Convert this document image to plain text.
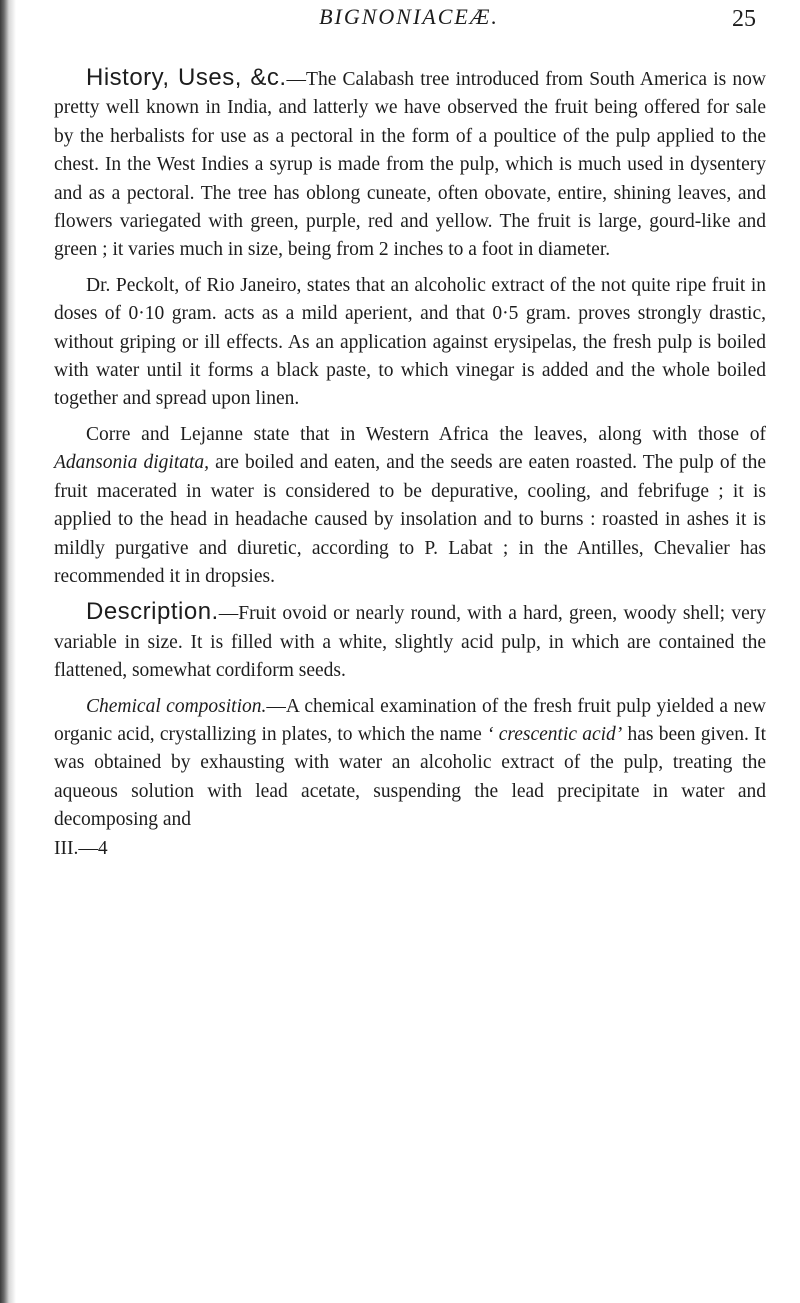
BIGNONIACEÆ.	25

History, Uses, &c.—The Calabash tree introduced from South America is now pretty well known in India, and latterly we have observed the fruit being offered for sale by the herbalists for use as a pectoral in the form of a poultice of the pulp applied to the chest. In the West Indies a syrup is made from the pulp, which is much used in dysentery and as a pectoral. The tree has oblong cuneate, often obovate, entire, shining leaves, and flowers variegated with green, purple, red and yellow. The fruit is large, gourd-like and green ; it varies much in size, being from 2 inches to a foot in diameter.

Dr. Peckolt, of Rio Janeiro, states that an alcoholic extract of the not quite ripe fruit in doses of 0·10 gram. acts as a mild aperient, and that 0·5 gram. proves strongly drastic, without griping or ill effects. As an application against erysipelas, the fresh pulp is boiled with water until it forms a black paste, to which vinegar is added and the whole boiled together and spread upon linen.

Corre and Lejanne state that in Western Africa the leaves, along with those of Adansonia digitata, are boiled and eaten, and the seeds are eaten roasted. The pulp of the fruit macerated in water is considered to be depurative, cooling, and febrifuge ; it is applied to the head in headache caused by insolation and to burns : roasted in ashes it is mildly purgative and diuretic, according to P. Labat ; in the Antilles, Chevalier has recommended it in dropsies.

Description.—Fruit ovoid or nearly round, with a hard, green, woody shell; very variable in size. It is filled with a white, slightly acid pulp, in which are contained the flattened, somewhat cordiform seeds.

Chemical composition.—A chemical examination of the fresh fruit pulp yielded a new organic acid, crystallizing in plates, to which the name ‘ crescentic acid’ has been given. It was obtained by exhausting with water an alcoholic extract of the pulp, treating the aqueous solution with lead acetate, suspending the lead precipitate in water and decomposing and
III.—4
